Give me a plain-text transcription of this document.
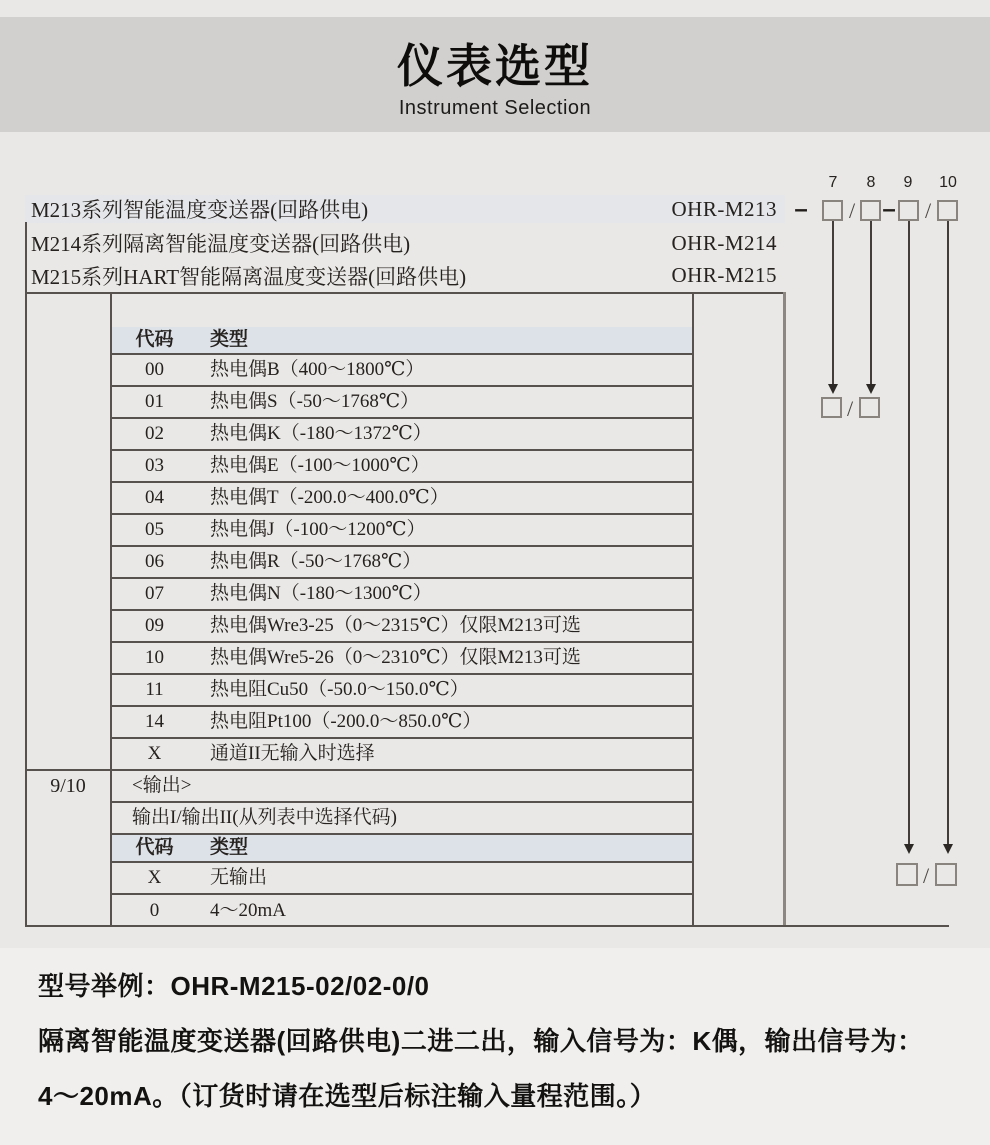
仪表选型
Instrument Selection
M213系列智能温度变送器(回路供电)	OHR-M213
M214系列隔离智能温度变送器(回路供电)	OHR-M214
M215系列HART智能隔离温度变送器(回路供电)	OHR-M215
7	8	9	10
– / – /
/
/
9/10
代码	类型
00	热电偶B（400～1800℃）
01	热电偶S（-50～1768℃）
02	热电偶K（-180～1372℃）
03	热电偶E（-100～1000℃）
04	热电偶T（-200.0～400.0℃）
05	热电偶J（-100～1200℃）
06	热电偶R（-50～1768℃）
07	热电偶N（-180～1300℃）
09	热电偶Wre3-25（0～2315℃）仅限M213可选
10	热电偶Wre5-26（0～2310℃）仅限M213可选
11	热电阻Cu50（-50.0～150.0℃）
14	热电阻Pt100（-200.0～850.0℃）
X	通道II无输入时选择
<输出>
输出I/输出II(从列表中选择代码)
代码	类型
X	无输出
0	4～20mA
型号举例：OHR-M215-02/02-0/0
隔离智能温度变送器(回路供电)二进二出，输入信号为：K偶，输出信号为：
4～20mA。（订货时请在选型后标注输入量程范围。）
